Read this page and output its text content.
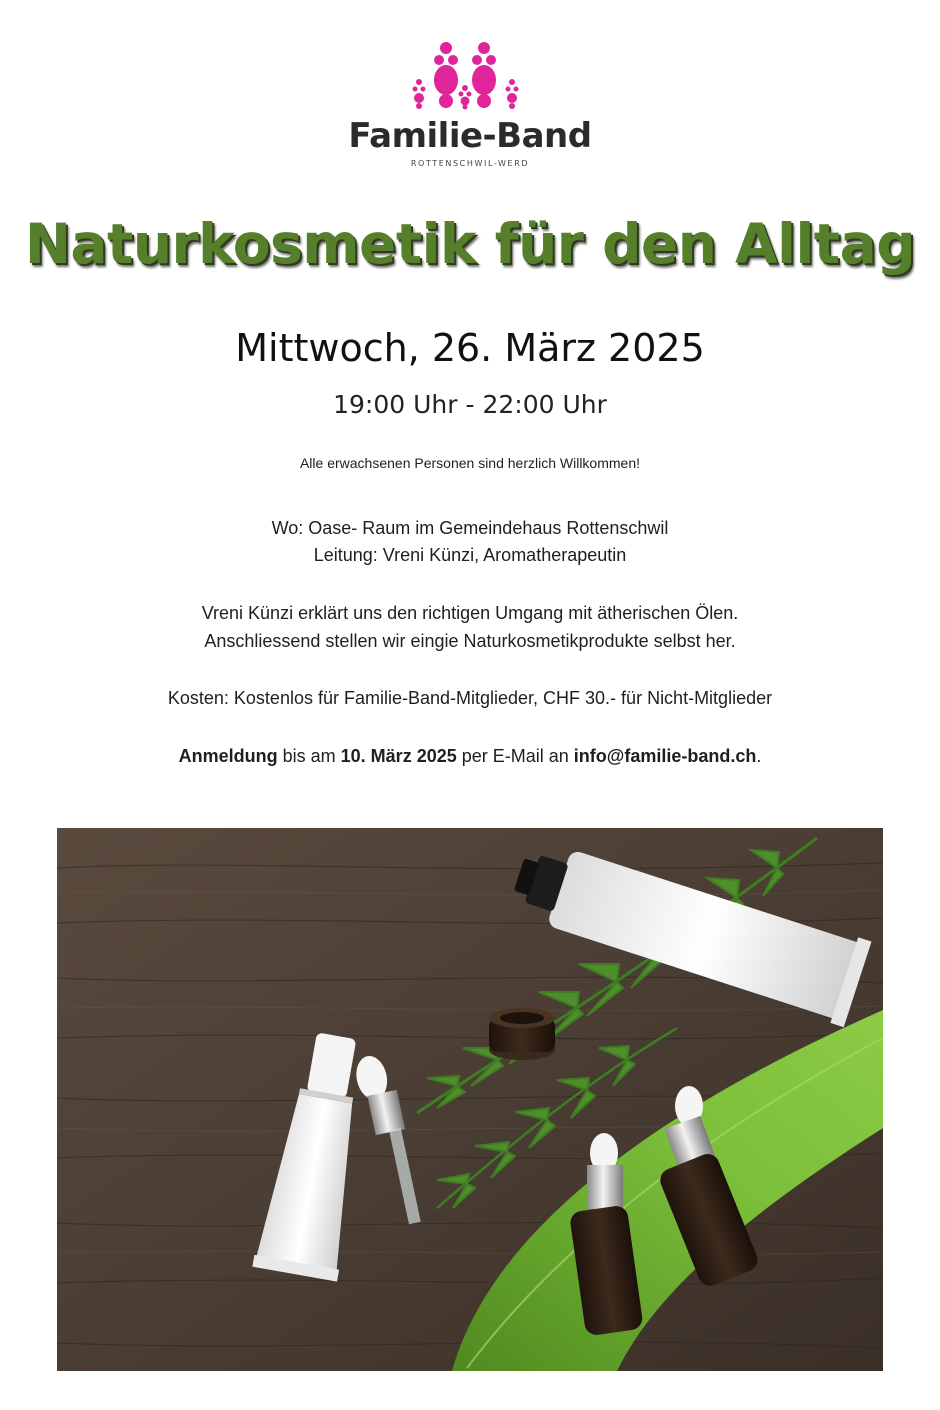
Familie-Band
ROTTENSCHWIL-WERD
Naturkosmetik für den Alltag
Mittwoch, 26. März 2025
19:00 Uhr - 22:00 Uhr
Alle erwachsenen Personen sind herzlich Willkommen!
Wo: Oase- Raum im Gemeindehaus Rottenschwil
Leitung: Vreni Künzi, Aromatherapeutin
Vreni Künzi erklärt uns den richtigen Umgang mit ätherischen Ölen.
Anschliessend stellen wir eingie Naturkosmetikprodukte selbst her.
Kosten: Kostenlos für Familie-Band-Mitglieder, CHF 30.- für Nicht-Mitglieder
Anmeldung bis am 10. März 2025 per E-Mail an info@familie-band.ch.
